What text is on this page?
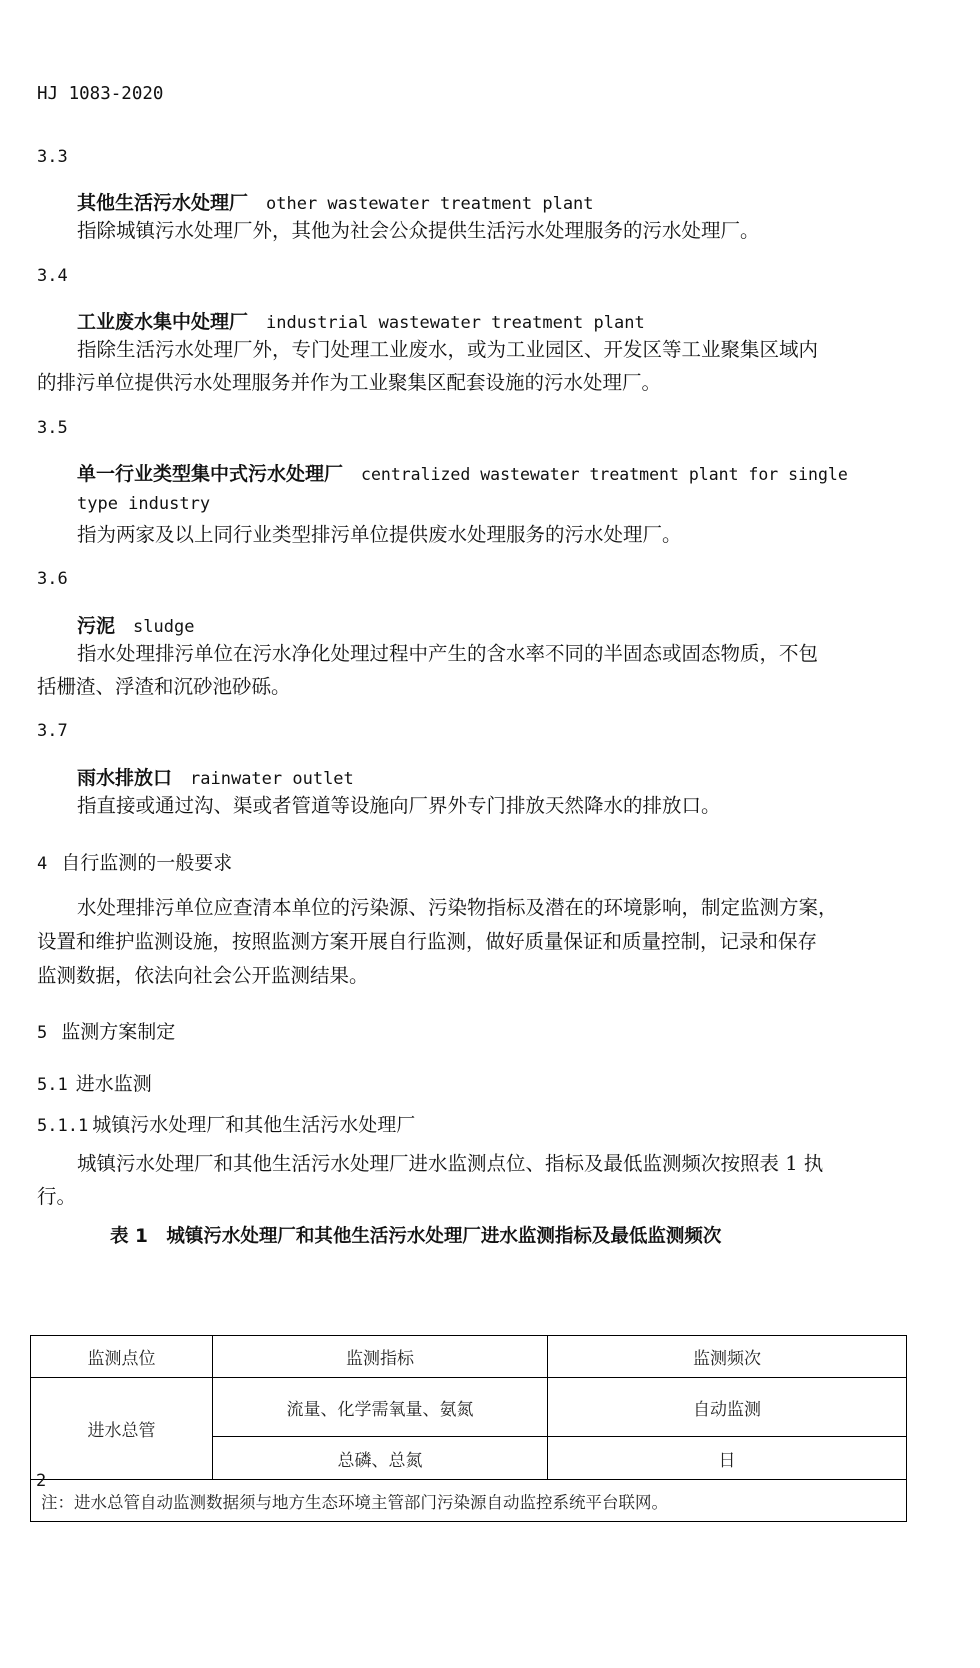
HJ 1083-2020
3.3
其他生活污水处理厂 other wastewater treatment plant
指除城镇污水处理厂外，其他为社会公众提供生活污水处理服务的污水处理厂。
3.4
工业废水集中处理厂 industrial wastewater treatment plant
指除生活污水处理厂外，专门处理工业废水，或为工业园区、开发区等工业聚集区域内
的排污单位提供污水处理服务并作为工业聚集区配套设施的污水处理厂。
3.5
单一行业类型集中式污水处理厂 centralized wastewater treatment plant for single
type industry
指为两家及以上同行业类型排污单位提供废水处理服务的污水处理厂。
3.6
污泥 sludge
指水处理排污单位在污水净化处理过程中产生的含水率不同的半固态或固态物质，不包
括栅渣、浮渣和沉砂池砂砾。
3.7
雨水排放口 rainwater outlet
指直接或通过沟、渠或者管道等设施向厂界外专门排放天然降水的排放口。
4 自行监测的一般要求
水处理排污单位应查清本单位的污染源、污染物指标及潜在的环境影响，制定监测方案，
设置和维护监测设施，按照监测方案开展自行监测，做好质量保证和质量控制，记录和保存
监测数据，依法向社会公开监测结果。
5 监测方案制定
5.1 进水监测
5.1.1 城镇污水处理厂和其他生活污水处理厂
城镇污水处理厂和其他生活污水处理厂进水监测点位、指标及最低监测频次按照表 1 执
行。
表 1　城镇污水处理厂和其他生活污水处理厂进水监测指标及最低监测频次
监测点位	监测指标	监测频次
进水总管	流量、化学需氧量、氨氮	自动监测
	总磷、总氮	日
注：进水总管自动监测数据须与地方生态环境主管部门污染源自动监控系统平台联网。		
2
